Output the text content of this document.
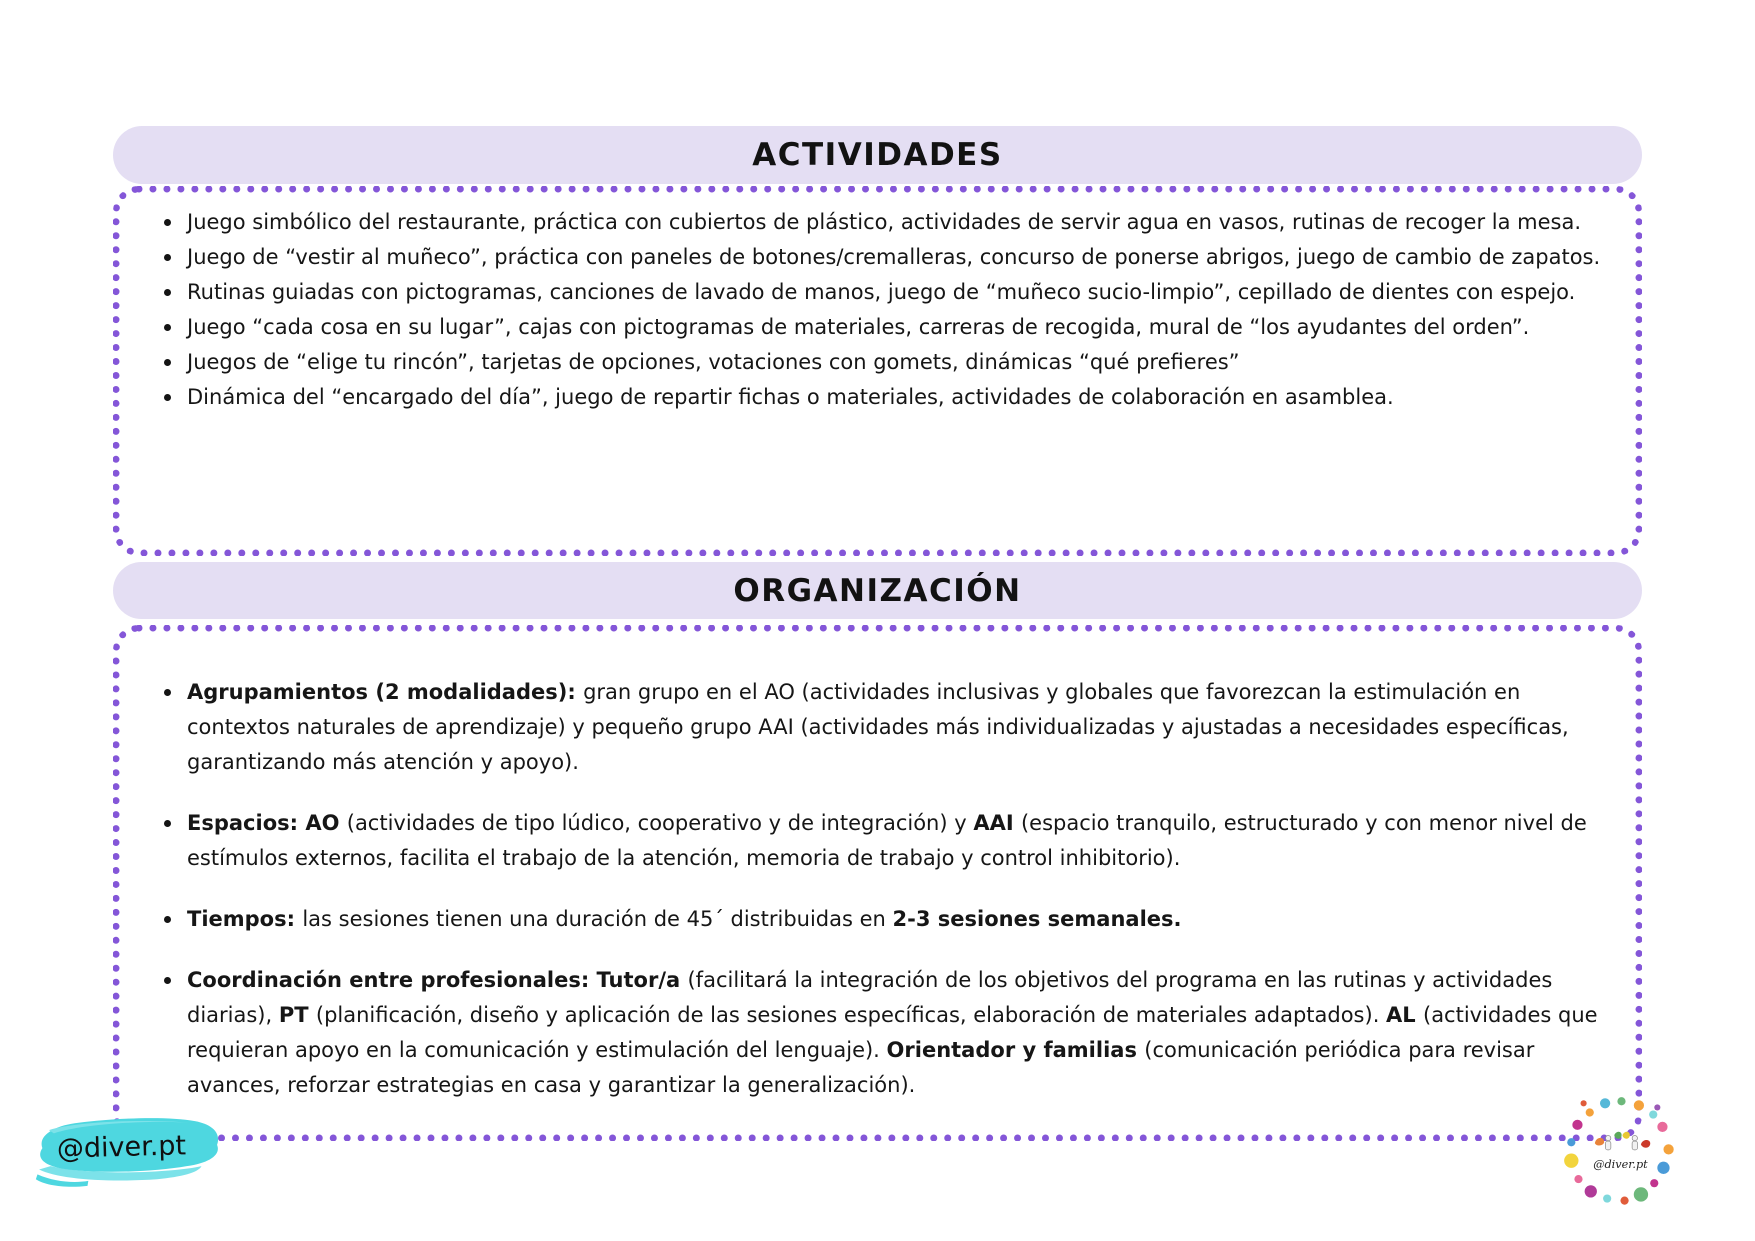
ACTIVIDADES
Juego simbólico del restaurante, práctica con cubiertos de plástico, actividades de servir agua en vasos, rutinas de recoger la mesa.
Juego de “vestir al muñeco”, práctica con paneles de botones/cremalleras, concurso de ponerse abrigos, juego de cambio de zapatos.
Rutinas guiadas con pictogramas, canciones de lavado de manos, juego de “muñeco sucio-limpio”, cepillado de dientes con espejo.
Juego “cada cosa en su lugar”, cajas con pictogramas de materiales, carreras de recogida, mural de “los ayudantes del orden”.
Juegos de “elige tu rincón”, tarjetas de opciones, votaciones con gomets, dinámicas “qué prefieres”
Dinámica del “encargado del día”, juego de repartir fichas o materiales, actividades de colaboración en asamblea.
ORGANIZACIÓN
Agrupamientos (2 modalidades): gran grupo en el AO (actividades inclusivas y globales que favorezcan la estimulación en contextos naturales de aprendizaje) y pequeño grupo AAI (actividades más individualizadas y ajustadas a necesidades específicas, garantizando más atención y apoyo).
Espacios: AO (actividades de tipo lúdico, cooperativo y de integración) y AAI (espacio tranquilo, estructurado y con menor nivel de estímulos externos, facilita el trabajo de la atención, memoria de trabajo y control inhibitorio).
Tiempos: las sesiones tienen una duración de 45´ distribuidas en 2-3 sesiones semanales.
Coordinación entre profesionales: Tutor/a (facilitará la integración de los objetivos del programa en las rutinas y actividades diarias), PT (planificación, diseño y aplicación de las sesiones específicas, elaboración de materiales adaptados). AL (actividades que requieran apoyo en la comunicación y estimulación del lenguaje). Orientador y familias (comunicación periódica para revisar avances, reforzar estrategias en casa y garantizar la generalización).
@diver.pt	@diver.pt
